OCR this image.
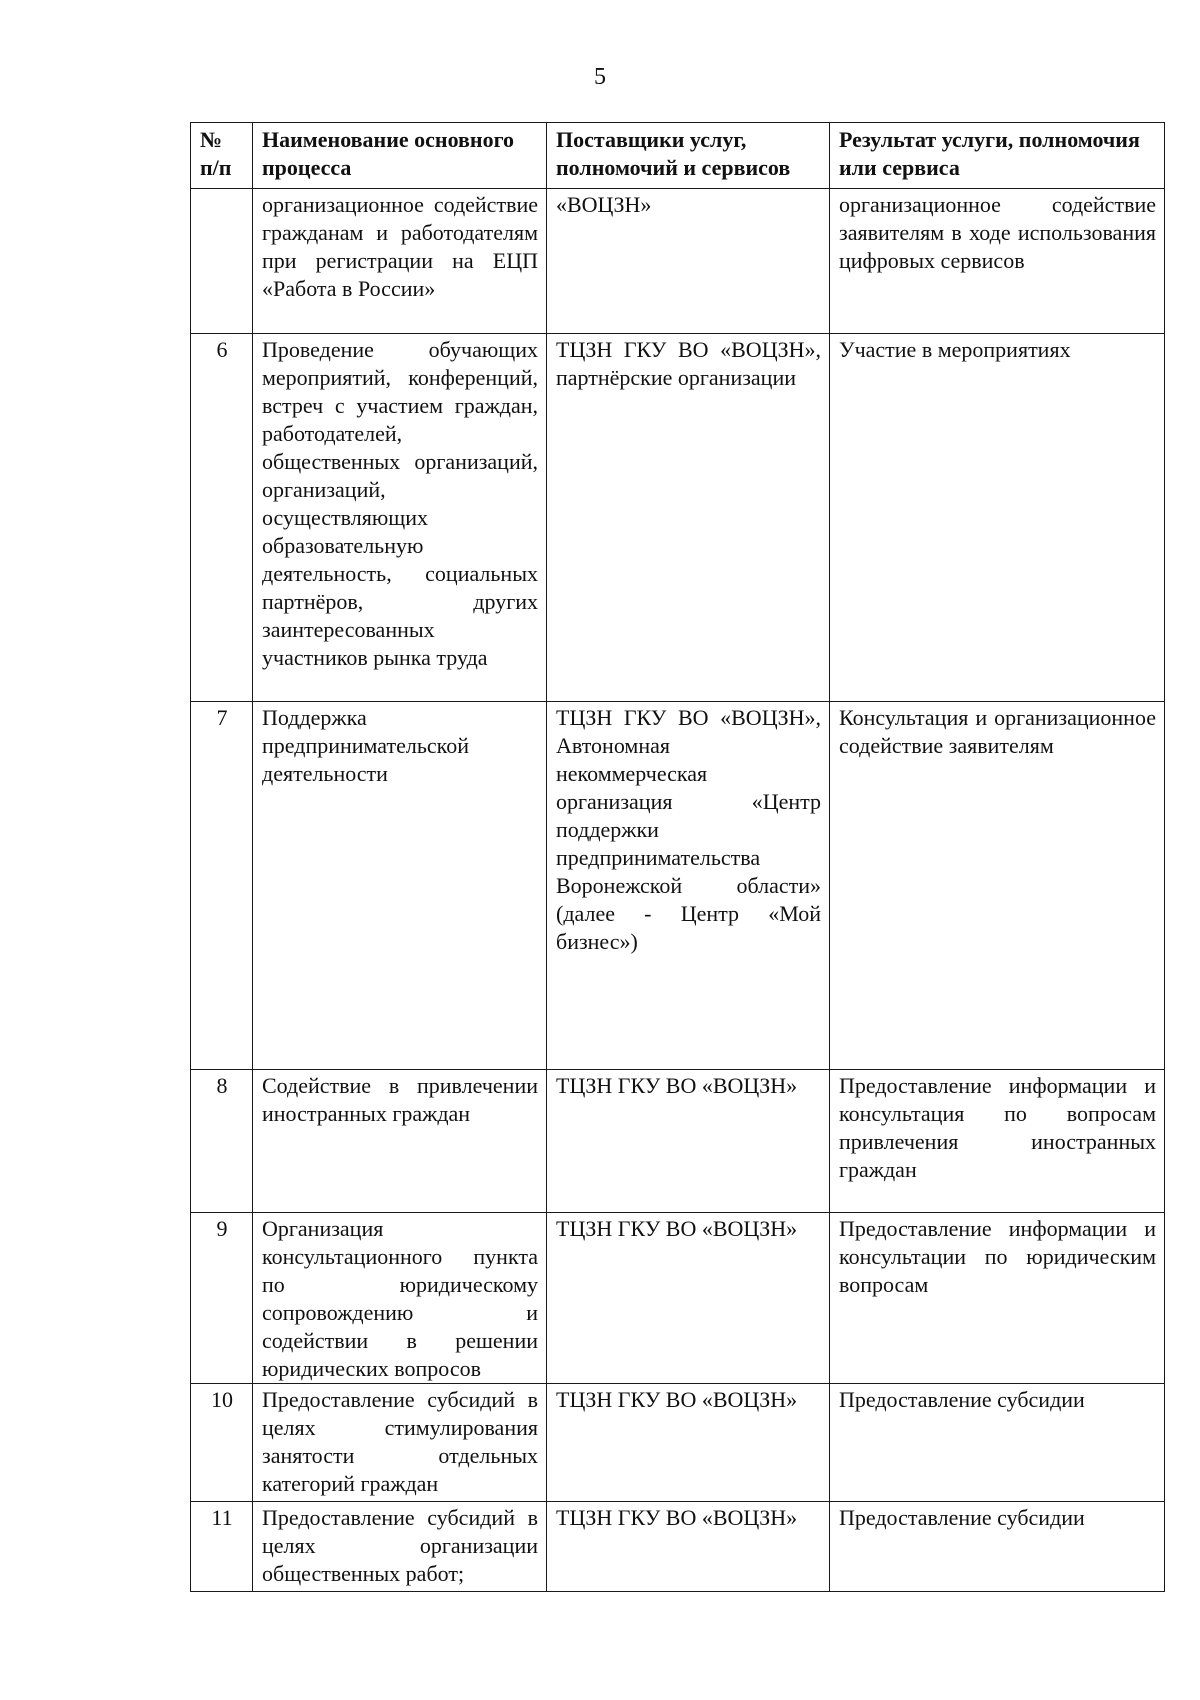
5
№ п/п	Наименование основного процесса	Поставщики услуг, полномочий и сервисов	Результат услуги, полномочия или сервиса
	организационное содействие гражданам и работодателям при регистрации на ЕЦП «Работа в России»	«ВОЦЗН»	организационное содействие заявителям в ходе использования цифровых сервисов
6	Проведение обучающих мероприятий, конференций, встреч с участием граждан, работодателей, общественных организаций, организаций, осуществляющих образовательную деятельность, социальных партнёров, других заинтересованных участников рынка труда	ТЦЗН ГКУ ВО «ВОЦЗН», партнёрские организации	Участие в мероприятиях
7	Поддержка предпринимательской деятельности	ТЦЗН ГКУ ВО «ВОЦЗН», Автономная некоммерческая организация «Центр поддержки предпринимательства Воронежской области» (далее - Центр «Мой бизнес»)	Консультация и организационное содействие заявителям
8	Содействие в привлечении иностранных граждан	ТЦЗН ГКУ ВО «ВОЦЗН»	Предоставление информации и консультация по вопросам привлечения иностранных граждан
9	Организация консультационного пункта по юридическому сопровождению и содействии в решении юридических вопросов	ТЦЗН ГКУ ВО «ВОЦЗН»	Предоставление информации и консультации по юридическим вопросам
10	Предоставление субсидий в целях стимулирования занятости отдельных категорий граждан	ТЦЗН ГКУ ВО «ВОЦЗН»	Предоставление субсидии
11	Предоставление субсидий в целях организации общественных работ;	ТЦЗН ГКУ ВО «ВОЦЗН»	Предоставление субсидии
